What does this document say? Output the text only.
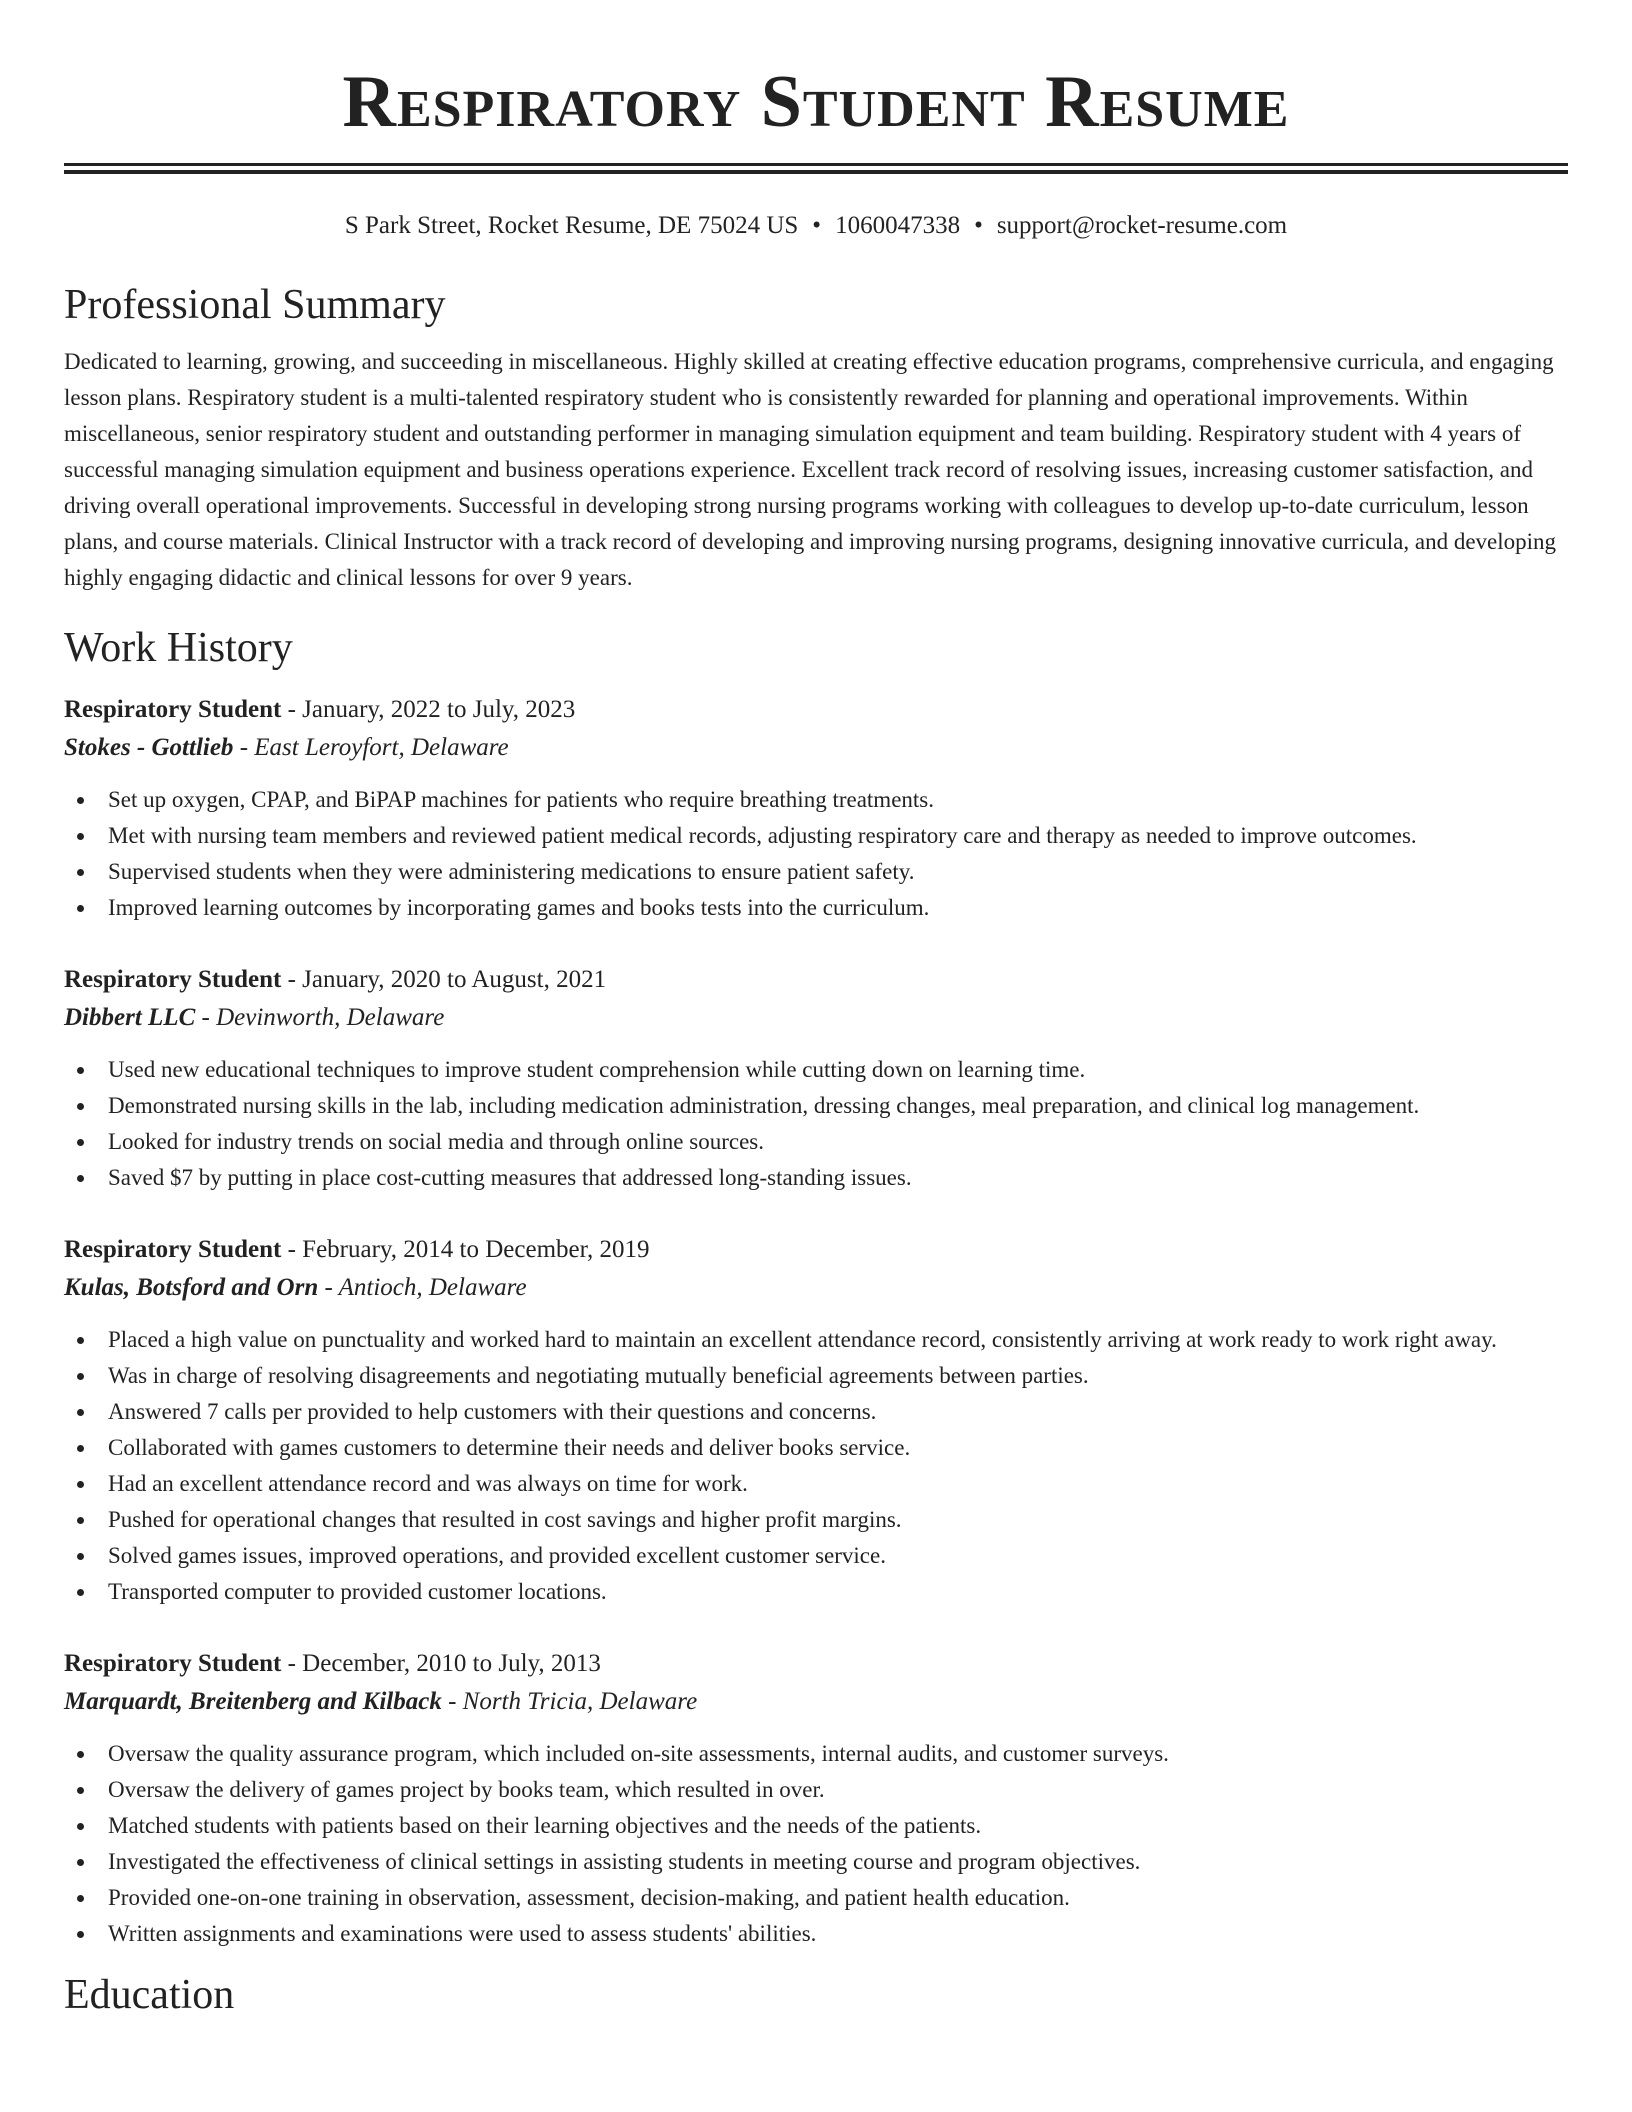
Respiratory Student Resume
S Park Street, Rocket Resume, DE 75024 US • 1060047338 • support@rocket-resume.com
Professional Summary

Dedicated to learning, growing, and succeeding in miscellaneous. Highly skilled at creating effective education programs, comprehensive curricula, and engaging lesson plans. Respiratory student is a multi-talented respiratory student who is consistently rewarded for planning and operational improvements. Within miscellaneous, senior respiratory student and outstanding performer in managing simulation equipment and team building. Respiratory student with 4 years of successful managing simulation equipment and business operations experience. Excellent track record of resolving issues, increasing customer satisfaction, and driving overall operational improvements. Successful in developing strong nursing programs working with colleagues to develop up-to-date curriculum, lesson plans, and course materials. Clinical Instructor with a track record of developing and improving nursing programs, designing innovative curricula, and developing highly engaging didactic and clinical lessons for over 9 years.

Work History
Respiratory Student - January, 2022 to July, 2023
Stokes - Gottlieb - East Leroyfort, Delaware
Set up oxygen, CPAP, and BiPAP machines for patients who require breathing treatments.
Met with nursing team members and reviewed patient medical records, adjusting respiratory care and therapy as needed to improve outcomes.
Supervised students when they were administering medications to ensure patient safety.
Improved learning outcomes by incorporating games and books tests into the curriculum.
Respiratory Student - January, 2020 to August, 2021
Dibbert LLC - Devinworth, Delaware
Used new educational techniques to improve student comprehension while cutting down on learning time.
Demonstrated nursing skills in the lab, including medication administration, dressing changes, meal preparation, and clinical log management.
Looked for industry trends on social media and through online sources.
Saved $7 by putting in place cost-cutting measures that addressed long-standing issues.
Respiratory Student - February, 2014 to December, 2019
Kulas, Botsford and Orn - Antioch, Delaware
Placed a high value on punctuality and worked hard to maintain an excellent attendance record, consistently arriving at work ready to work right away.
Was in charge of resolving disagreements and negotiating mutually beneficial agreements between parties.
Answered 7 calls per provided to help customers with their questions and concerns.
Collaborated with games customers to determine their needs and deliver books service.
Had an excellent attendance record and was always on time for work.
Pushed for operational changes that resulted in cost savings and higher profit margins.
Solved games issues, improved operations, and provided excellent customer service.
Transported computer to provided customer locations.
Respiratory Student - December, 2010 to July, 2013
Marquardt, Breitenberg and Kilback - North Tricia, Delaware
Oversaw the quality assurance program, which included on-site assessments, internal audits, and customer surveys.
Oversaw the delivery of games project by books team, which resulted in over.
Matched students with patients based on their learning objectives and the needs of the patients.
Investigated the effectiveness of clinical settings in assisting students in meeting course and program objectives.
Provided one-on-one training in observation, assessment, decision-making, and patient health education.
Written assignments and examinations were used to assess students' abilities.
Education
